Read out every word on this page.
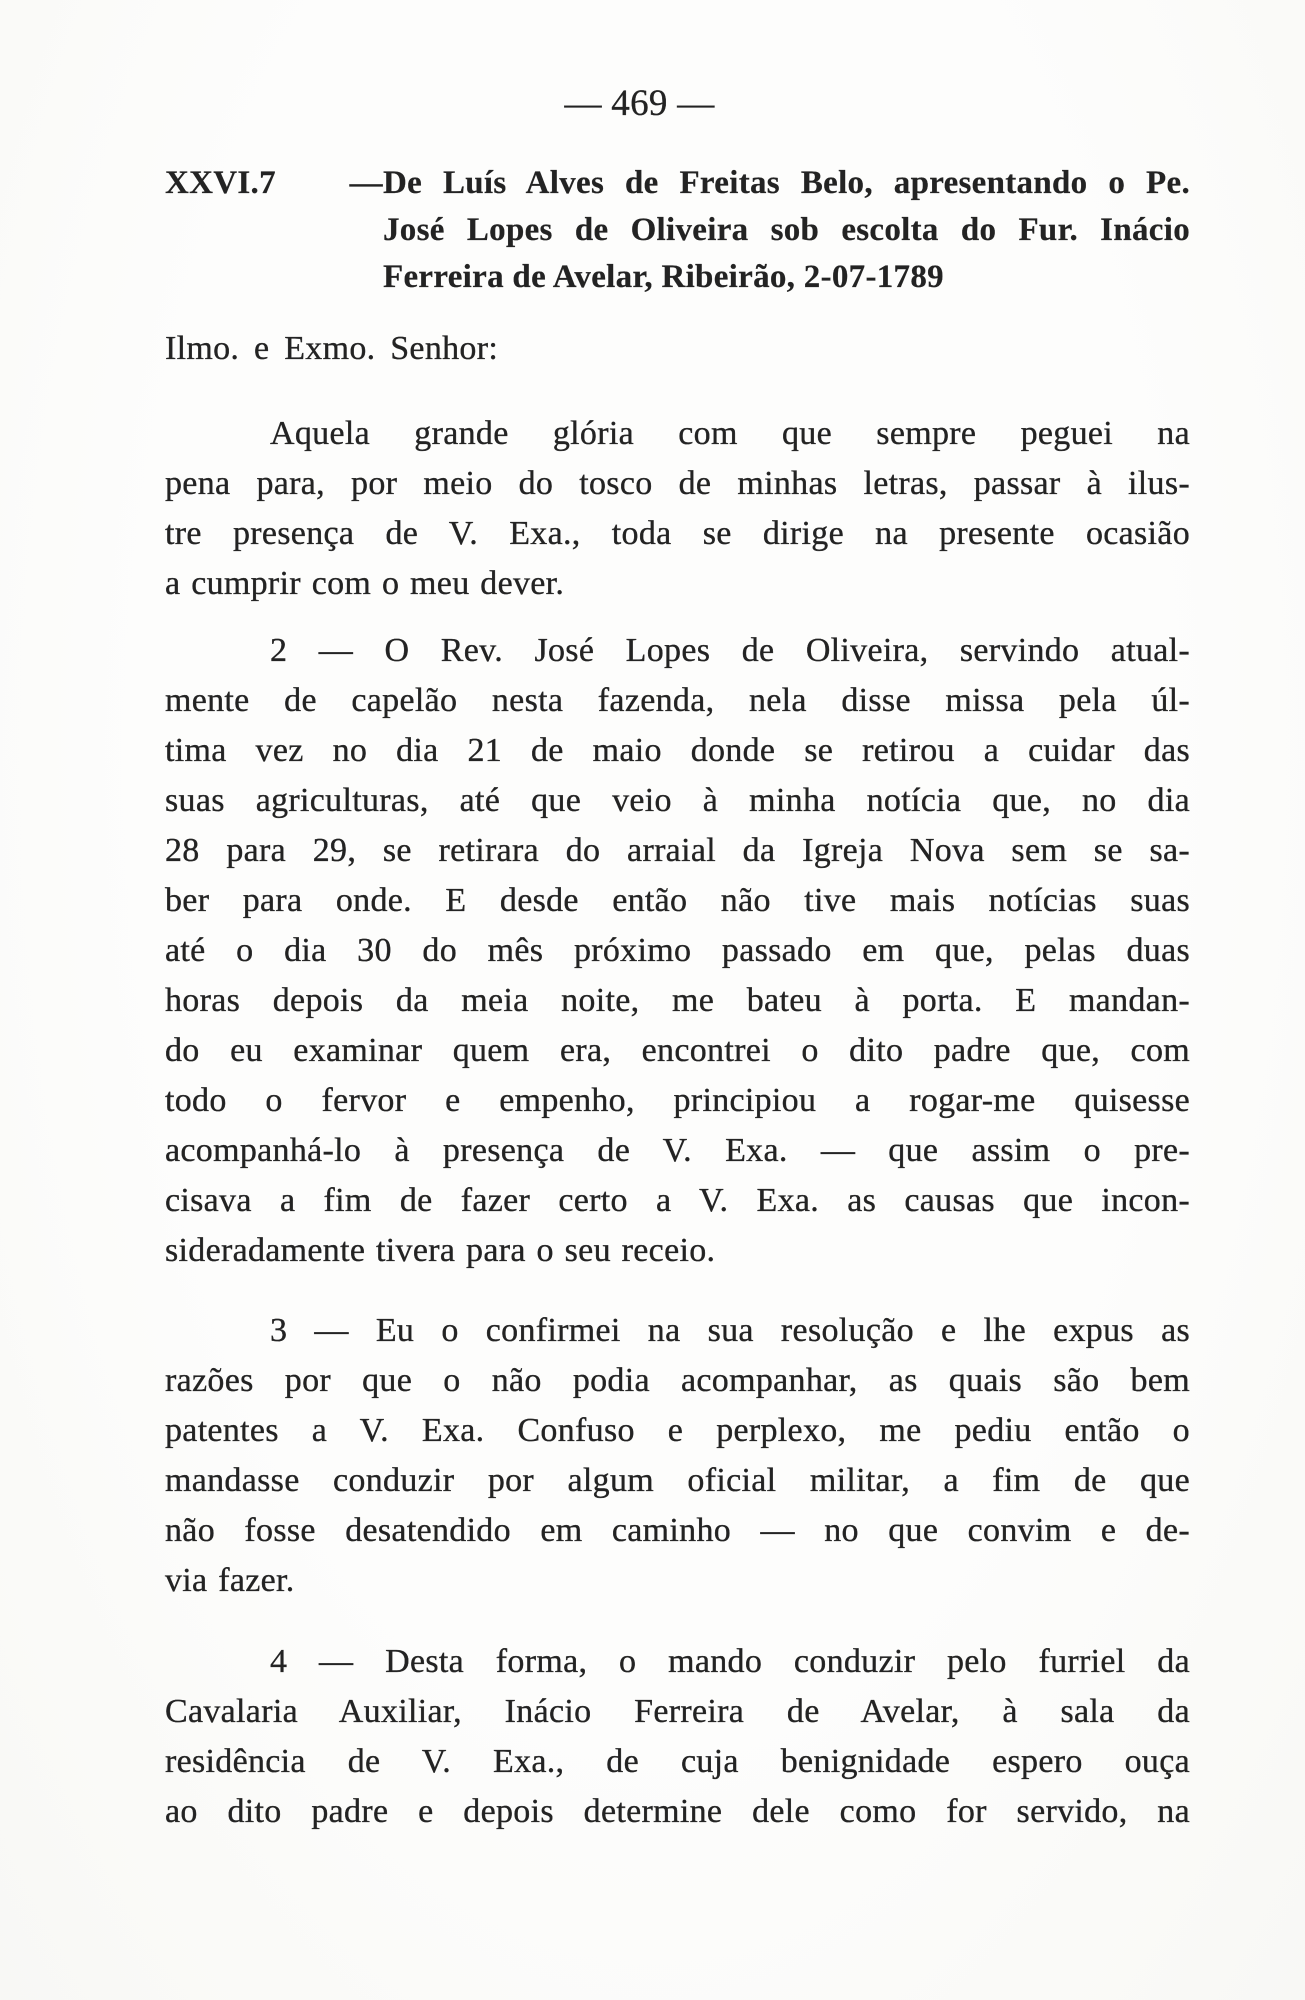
— 469 —
XXVI.7 —De Luís Alves de Freitas Belo, apresentando o Pe.
José Lopes de Oliveira sob escolta do Fur. Inácio
Ferreira de Avelar, Ribeirão, 2-07-1789
Ilmo. e Exmo. Senhor:
Aquela grande glória com que sempre peguei na
pena para, por meio do tosco de minhas letras, passar à ilus-
tre presença de V. Exa., toda se dirige na presente ocasião
a cumprir com o meu dever.
2 — O Rev. José Lopes de Oliveira, servindo atual-
mente de capelão nesta fazenda, nela disse missa pela úl-
tima vez no dia 21 de maio donde se retirou a cuidar das
suas agriculturas, até que veio à minha notícia que, no dia
28 para 29, se retirara do arraial da Igreja Nova sem se sa-
ber para onde. E desde então não tive mais notícias suas
até o dia 30 do mês próximo passado em que, pelas duas
horas depois da meia noite, me bateu à porta. E mandan-
do eu examinar quem era, encontrei o dito padre que, com
todo o fervor e empenho, principiou a rogar-me quisesse
acompanhá-lo à presença de V. Exa. — que assim o pre-
cisava a fim de fazer certo a V. Exa. as causas que incon-
sideradamente tivera para o seu receio.
3 — Eu o confirmei na sua resolução e lhe expus as
razões por que o não podia acompanhar, as quais são bem
patentes a V. Exa. Confuso e perplexo, me pediu então o
mandasse conduzir por algum oficial militar, a fim de que
não fosse desatendido em caminho — no que convim e de-
via fazer.
4 — Desta forma, o mando conduzir pelo furriel da
Cavalaria Auxiliar, Inácio Ferreira de Avelar, à sala da
residência de V. Exa., de cuja benignidade espero ouça
ao dito padre e depois determine dele como for servido, na
